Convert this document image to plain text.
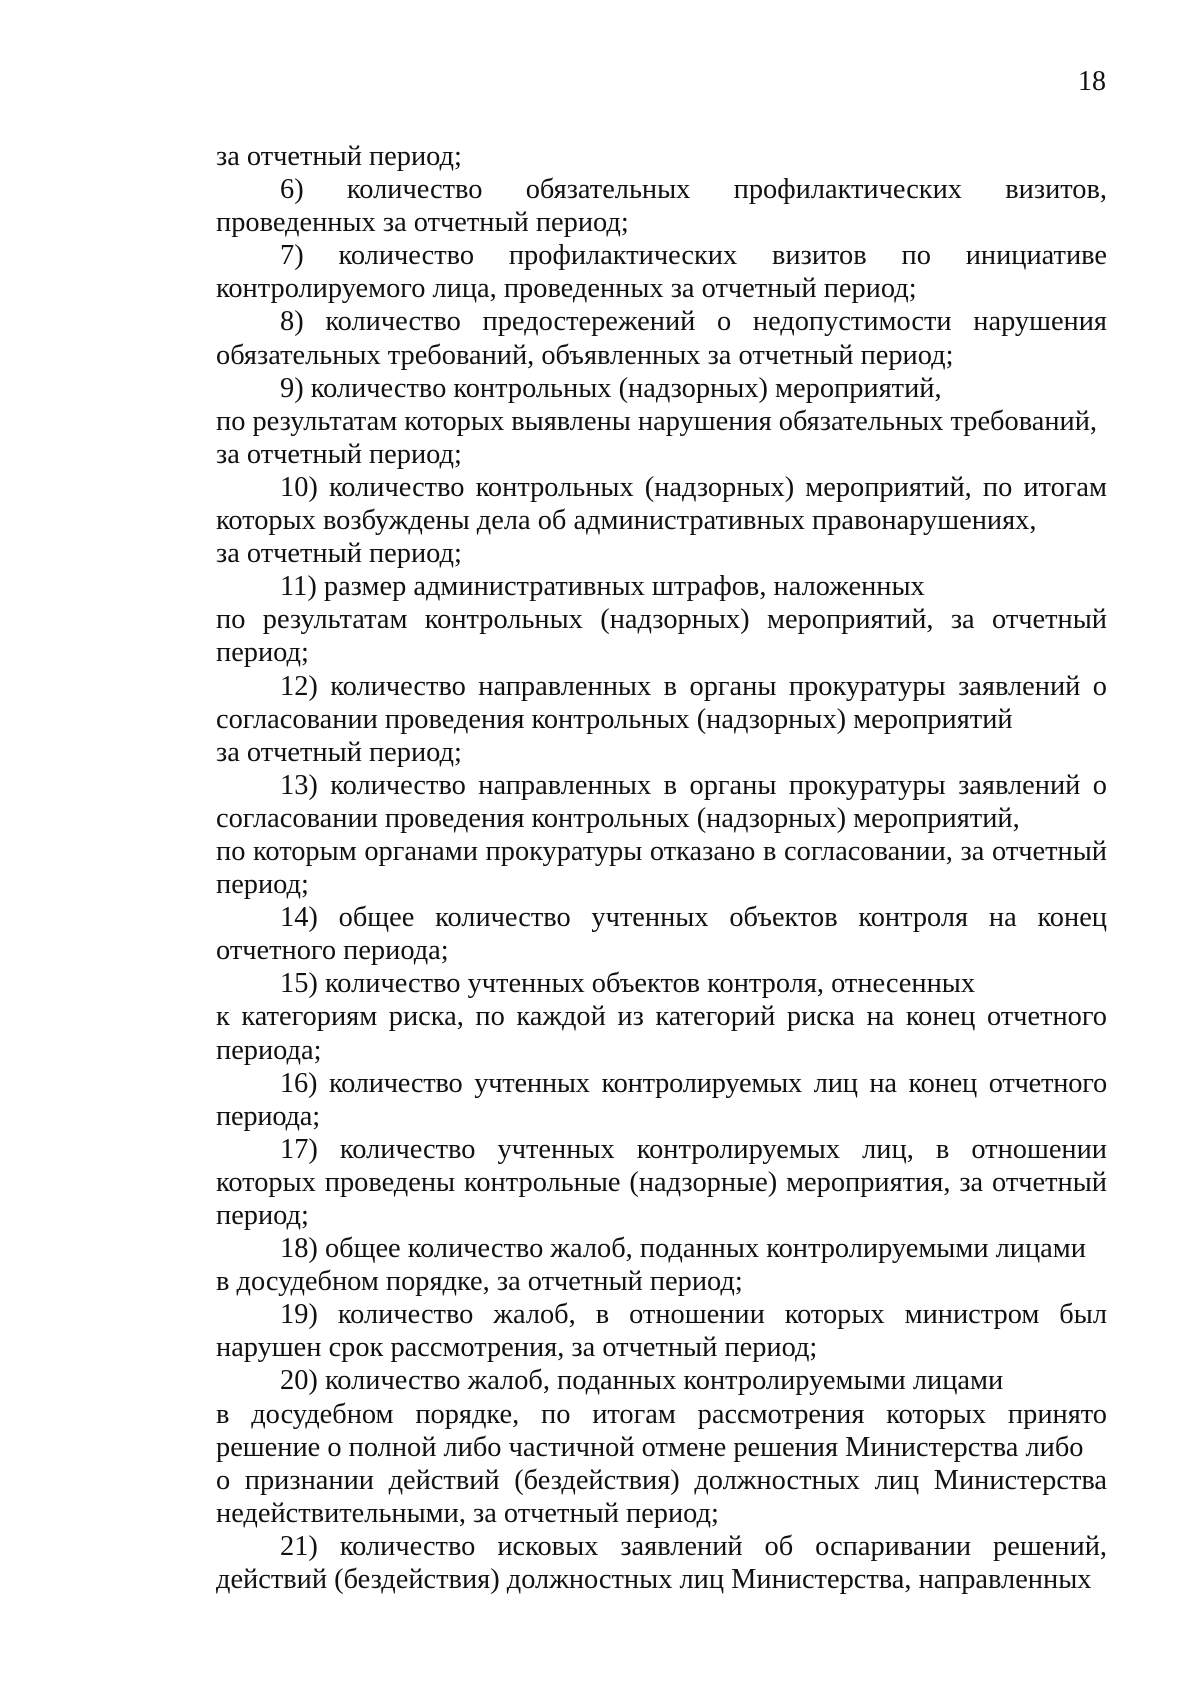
18

за отчетный период;

6) количество обязательных профилактических визитов, проведенных за отчетный период;

7) количество профилактических визитов по инициативе контролируемого лица, проведенных за отчетный период;

8) количество предостережений о недопустимости нарушения обязательных требований, объявленных за отчетный период;

9) количество контрольных (надзорных) мероприятий,
по результатам которых выявлены нарушения обязательных требований,
за отчетный период;

10) количество контрольных (надзорных) мероприятий, по итогам которых возбуждены дела об административных правонарушениях,
за отчетный период;

11) размер административных штрафов, наложенных
по результатам контрольных (надзорных) мероприятий, за отчетный период;

12) количество направленных в органы прокуратуры заявлений о согласовании проведения контрольных (надзорных) мероприятий
за отчетный период;

13) количество направленных в органы прокуратуры заявлений о согласовании проведения контрольных (надзорных) мероприятий,
по которым органами прокуратуры отказано в согласовании, за отчетный период;

14) общее количество учтенных объектов контроля на конец отчетного периода;

15) количество учтенных объектов контроля, отнесенных
к категориям риска, по каждой из категорий риска на конец отчетного периода;

16) количество учтенных контролируемых лиц на конец отчетного периода;

17) количество учтенных контролируемых лиц, в отношении которых проведены контрольные (надзорные) мероприятия, за отчетный период;

18) общее количество жалоб, поданных контролируемыми лицами
в досудебном порядке, за отчетный период;

19) количество жалоб, в отношении которых министром был нарушен срок рассмотрения, за отчетный период;

20) количество жалоб, поданных контролируемыми лицами
в досудебном порядке, по итогам рассмотрения которых принято решение о полной либо частичной отмене решения Министерства либо
о признании действий (бездействия) должностных лиц Министерства недействительными, за отчетный период;

21) количество исковых заявлений об оспаривании решений, действий (бездействия) должностных лиц Министерства, направленных
